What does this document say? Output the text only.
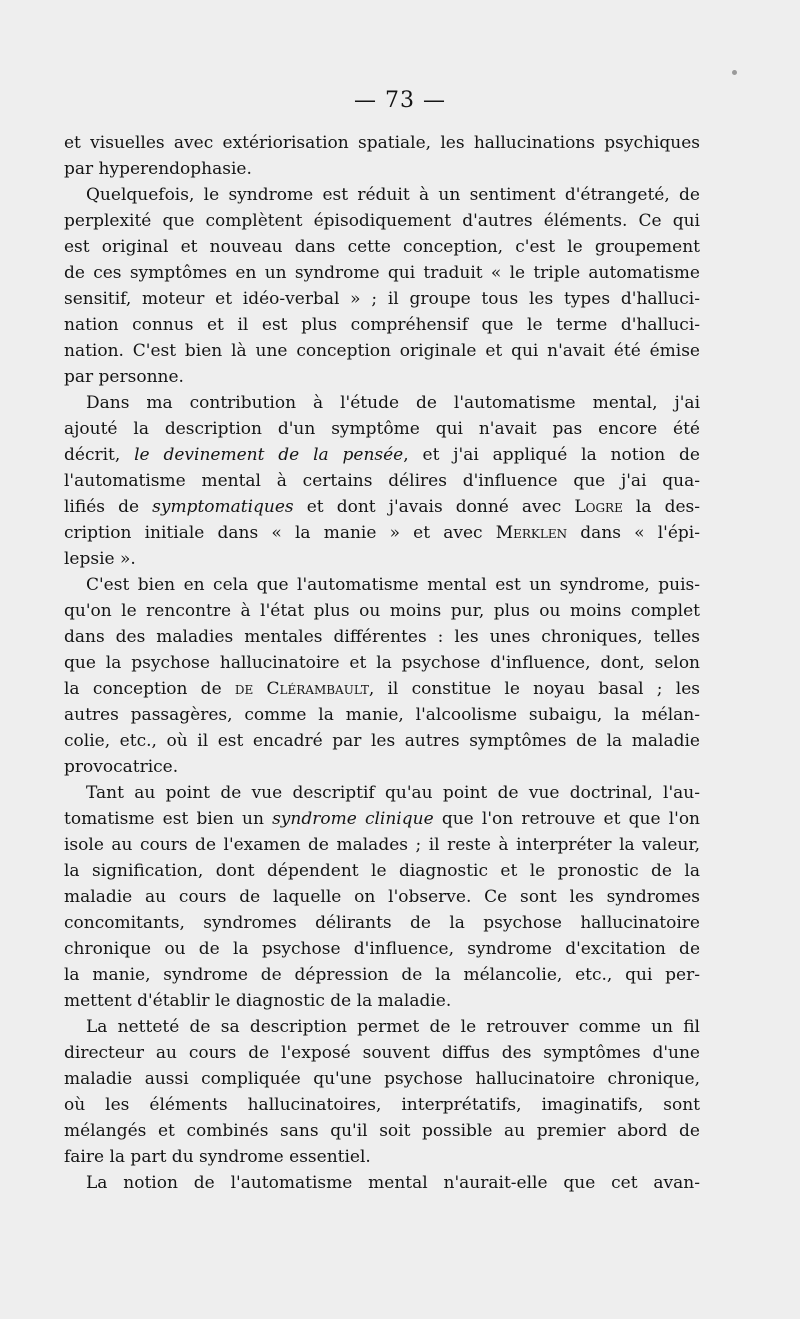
— 73 —
et visuelles avec extériorisation spatiale, les hallucinations psychiques
par hyperendophasie.
Quelquefois, le syndrome est réduit à un sentiment d'étrangeté, de
perplexité que complètent épisodiquement d'autres éléments. Ce qui
est original et nouveau dans cette conception, c'est le groupement
de ces symptômes en un syndrome qui traduit « le triple automatisme
sensitif, moteur et idéo-verbal » ; il groupe tous les types d'halluci-
nation connus et il est plus compréhensif que le terme d'halluci-
nation. C'est bien là une conception originale et qui n'avait été émise
par personne.
Dans ma contribution à l'étude de l'automatisme mental, j'ai
ajouté la description d'un symptôme qui n'avait pas encore été
décrit, le devinement de la pensée, et j'ai appliqué la notion de
l'automatisme mental à certains délires d'influence que j'ai qua-
lifiés de symptomatiques et dont j'avais donné avec Logre la des-
cription initiale dans « la manie » et avec Merklen dans « l'épi-
lepsie ».
C'est bien en cela que l'automatisme mental est un syndrome, puis-
qu'on le rencontre à l'état plus ou moins pur, plus ou moins complet
dans des maladies mentales différentes : les unes chroniques, telles
que la psychose hallucinatoire et la psychose d'influence, dont, selon
la conception de de Clérambault, il constitue le noyau basal ; les
autres passagères, comme la manie, l'alcoolisme subaigu, la mélan-
colie, etc., où il est encadré par les autres symptômes de la maladie
provocatrice.
Tant au point de vue descriptif qu'au point de vue doctrinal, l'au-
tomatisme est bien un syndrome clinique que l'on retrouve et que l'on
isole au cours de l'examen de malades ; il reste à interpréter la valeur,
la signification, dont dépendent le diagnostic et le pronostic de la
maladie au cours de laquelle on l'observe. Ce sont les syndromes
concomitants, syndromes délirants de la psychose hallucinatoire
chronique ou de la psychose d'influence, syndrome d'excitation de
la manie, syndrome de dépression de la mélancolie, etc., qui per-
mettent d'établir le diagnostic de la maladie.
La netteté de sa description permet de le retrouver comme un fil
directeur au cours de l'exposé souvent diffus des symptômes d'une
maladie aussi compliquée qu'une psychose hallucinatoire chronique,
où les éléments hallucinatoires, interprétatifs, imaginatifs, sont
mélangés et combinés sans qu'il soit possible au premier abord de
faire la part du syndrome essentiel.
La notion de l'automatisme mental n'aurait-elle que cet avan-
